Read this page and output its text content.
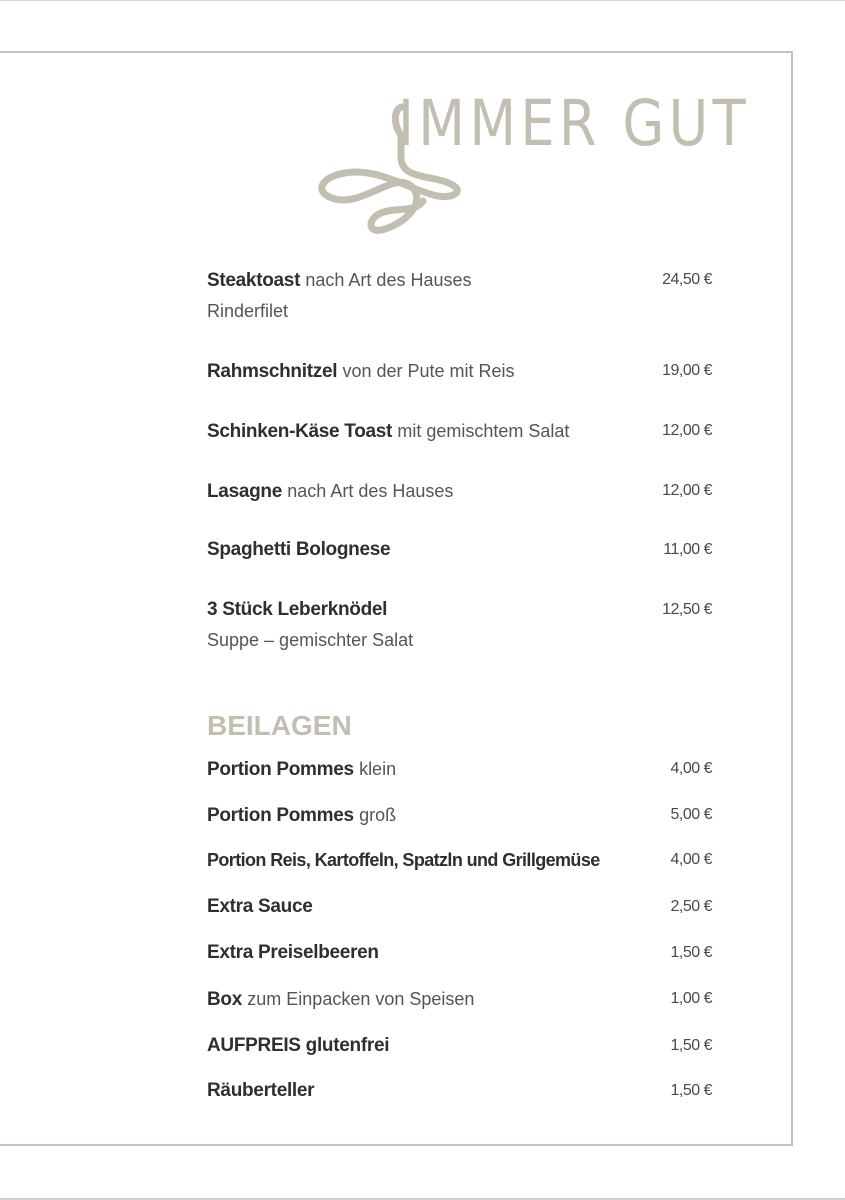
IMMER GUT
Steaktoast nach Art des Hauses
Rinderfilet
24,50 €
Rahmschnitzel von der Pute mit Reis	19,00 €
Schinken-Käse Toast mit gemischtem Salat	12,00 €
Lasagne nach Art des Hauses	12,00 €
Spaghetti Bolognese	11,00 €
3 Stück Leberknödel
Suppe – gemischter Salat
12,50 €
BEILAGEN
Portion Pommes klein	4,00 €
Portion Pommes groß	5,00 €
Portion Reis, Kartoffeln, Spatzln und Grillgemüse	4,00 €
Extra Sauce	2,50 €
Extra Preiselbeeren	1,50 €
Box zum Einpacken von Speisen	1,00 €
AUFPREIS glutenfrei	1,50 €
Räuberteller	1,50 €
